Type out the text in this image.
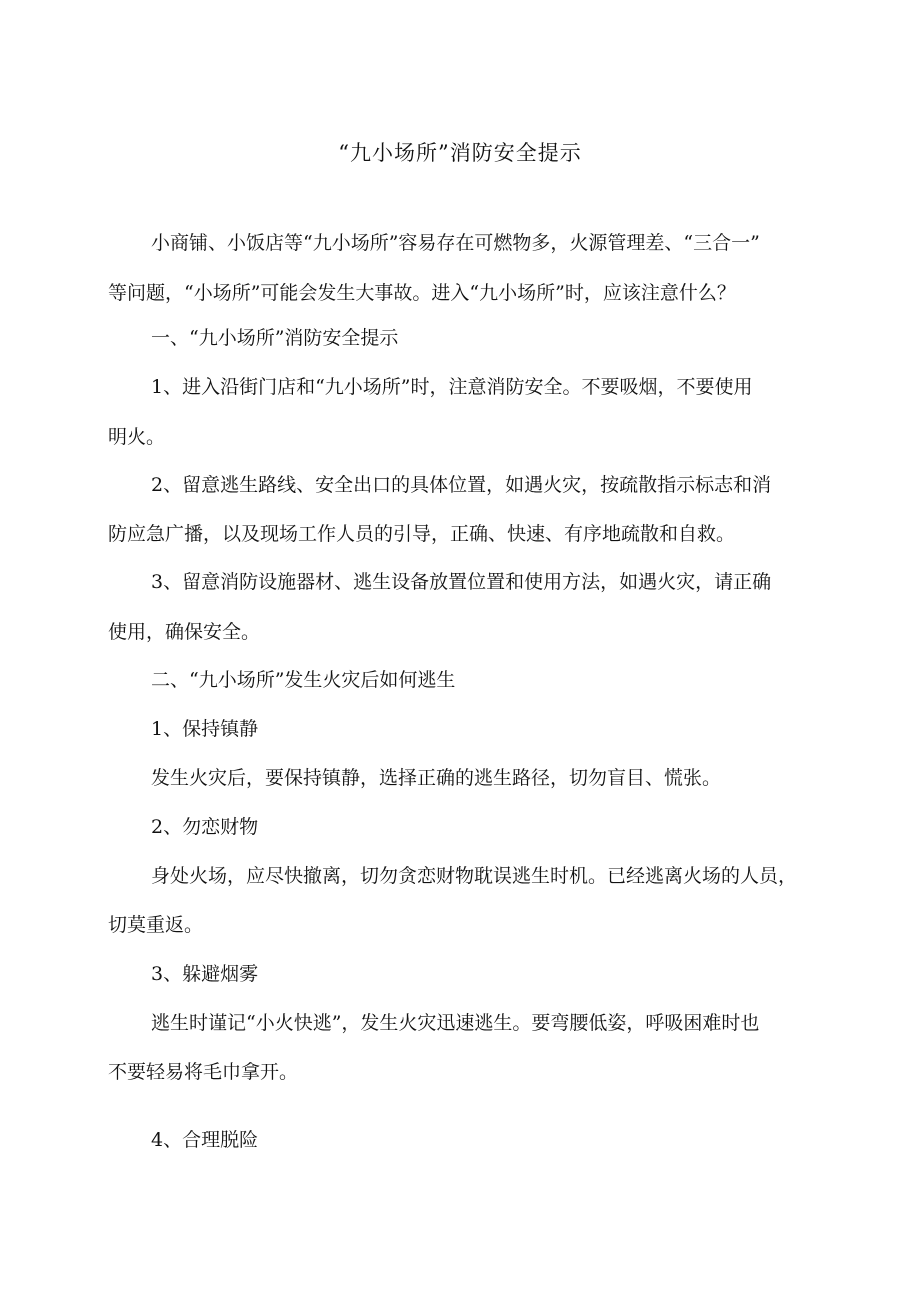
“九小场所”消防安全提示
小商铺、小饭店等“九小场所”容易存在可燃物多，火源管理差、“三合一”
等问题，“小场所”可能会发生大事故。进入“九小场所”时，应该注意什么？
一、“九小场所”消防安全提示
1、进入沿街门店和“九小场所”时，注意消防安全。不要吸烟，不要使用
明火。
2、留意逃生路线、安全出口的具体位置，如遇火灾，按疏散指示标志和消
防应急广播，以及现场工作人员的引导，正确、快速、有序地疏散和自救。
3、留意消防设施器材、逃生设备放置位置和使用方法，如遇火灾，请正确
使用，确保安全。
二、“九小场所”发生火灾后如何逃生
1、保持镇静
发生火灾后，要保持镇静，选择正确的逃生路径，切勿盲目、慌张。
2、勿恋财物
身处火场，应尽快撤离，切勿贪恋财物耽误逃生时机。已经逃离火场的人员，
切莫重返。
3、躲避烟雾
逃生时谨记“小火快逃”，发生火灾迅速逃生。要弯腰低姿，呼吸困难时也
不要轻易将毛巾拿开。
4、合理脱险
